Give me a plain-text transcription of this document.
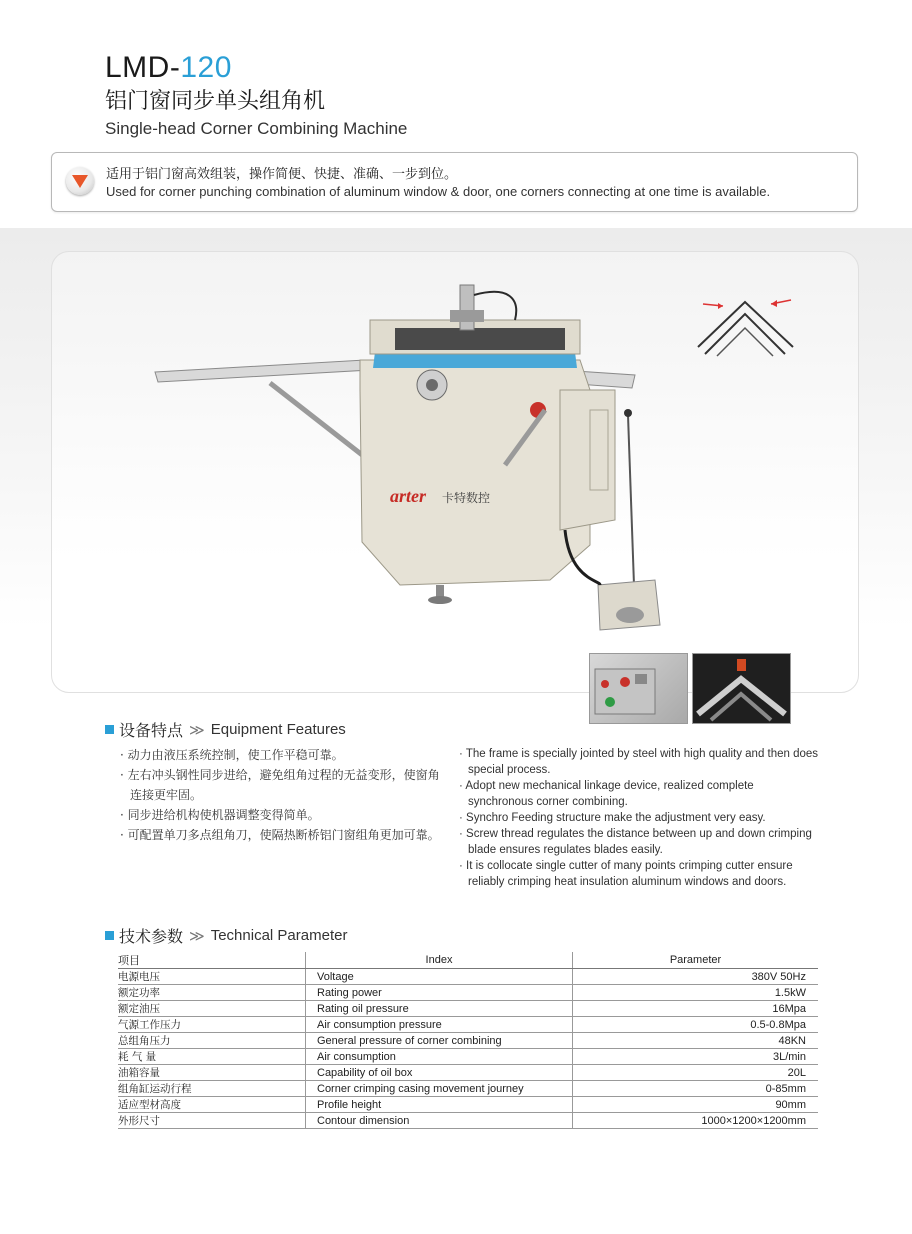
LMD-120
铝门窗同步单头组角机
Single-head Corner Combining Machine
适用于铝门窗高效组装，操作简便、快捷、准确、一步到位。
Used for corner punching combination of aluminum window & door, one corners connecting at one time is available.
arter 卡特数控
设备特点 ≫ Equipment Features
· 动力由液压系统控制，使工作平稳可靠。
· 左右冲头钢性同步进给，避免组角过程的无益变形，使窗角连接更牢固。
· 同步进给机构使机器调整变得简单。
· 可配置单刀多点组角刀，使隔热断桥铝门窗组角更加可靠。
· The frame is specially jointed by steel with high quality and then does special process.
· Adopt new mechanical linkage device, realized complete synchronous corner combining.
· Synchro Feeding structure make the adjustment very easy.
· Screw thread regulates the distance between up and down crimping blade ensures regulates blades easily.
· It is collocate single cutter of many points crimping cutter ensure reliably crimping heat insulation aluminum windows and doors.
技术参数 ≫ Technical Parameter
项目	Index	Parameter
电源电压	Voltage	380V 50Hz
额定功率	Rating power	1.5kW
额定油压	Rating oil pressure	16Mpa
气源工作压力	Air consumption pressure	0.5-0.8Mpa
总组角压力	General pressure of corner combining	48KN
耗 气 量	Air consumption	3L/min
油箱容量	Capability of oil box	20L
组角缸运动行程	Corner crimping casing movement journey	0-85mm
适应型材高度	Profile height	90mm
外形尺寸	Contour dimension	1000×1200×1200mm
